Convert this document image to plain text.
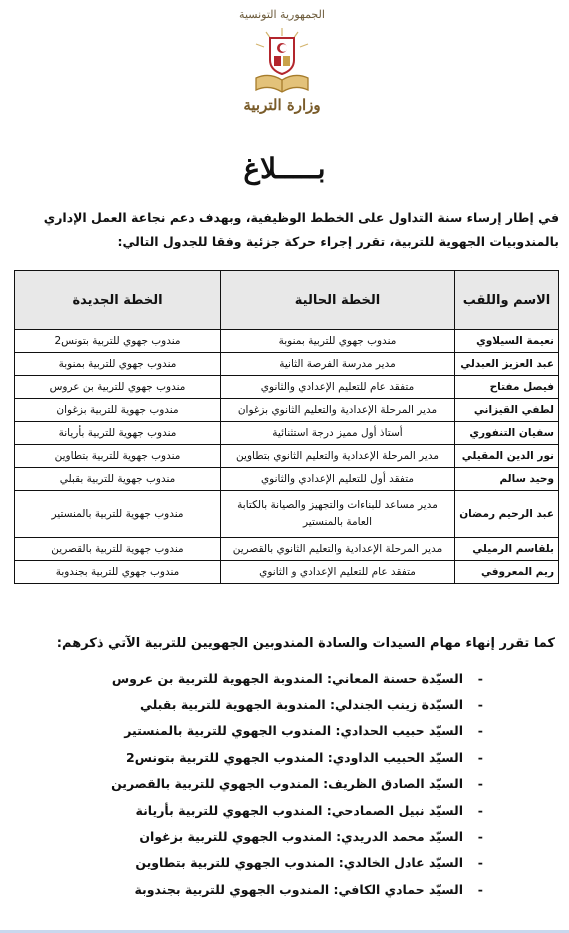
الجمهورية التونسية
وزارة التربية
بـــــلاغ
في إطار إرساء سنة التداول على الخطط الوظيفية، وبهدف دعم نجاعة العمل الإداري بالمندوبيات الجهوية للتربية، تقرر إجراء حركة جزئية وفقا للجدول التالي:
الاسم واللقب	الخطة الحالية	الخطة الجديدة
نعيمة السيلاوي	مندوب جهوي للتربية بمنوبة	مندوب جهوي للتربية بتونس2
عبد العزيز العبدلي	مدير مدرسة الفرصة الثانية	مندوب جهوي للتربية بمنوبة
فيصل مفتاح	متفقد عام للتعليم الإعدادي والثانوي	مندوب جهوي للتربية بن عروس
لطفي القيزاني	مدير المرحلة الإعدادية والتعليم الثانوي بزغوان	مندوب جهوية للتربية بزغوان
سفيان التنفوري	أستاذ أول مميز درجة استثنائية	مندوب جهوية للتربية بأريانة
نور الدين المقيلي	مدير المرحلة الإعدادية والتعليم الثانوي بتطاوين	مندوب جهوية للتربية بتطاوين
وحيد سالم	متفقد أول للتعليم الإعدادي والثانوي	مندوب جهوية للتربية بقبلي
عبد الرحيم رمضان	مدير مساعد للبناءات والتجهيز والصيانة بالكتابة العامة بالمنستير	مندوب جهوية للتربية بالمنستير
بلقاسم الرميلي	مدير المرحلة الإعدادية والتعليم الثانوي بالقصرين	مندوب جهوية للتربية بالقصرين
ريم المعروفي	متفقد عام للتعليم الإعدادي و الثانوي	مندوب جهوي للتربية بجندوبة
كما تقرر إنهاء مهام السيدات والسادة المندوبين الجهويين للتربية الآتي ذكرهم:
-
السيّدة حسنة المعاني: المندوبة الجهوية للتربية بن عروس
-
السيّدة زينب الجندلي: المندوبة الجهوية للتربية بقبلي
-
السيّد حبيب الحدادي: المندوب الجهوي للتربية بالمنستير
-
السيّد الحبيب الداودي: المندوب الجهوي للتربية بتونس2
-
السيّد الصادق الظريف: المندوب الجهوي للتربية بالقصرين
-
السيّد نبيل الصمادحي: المندوب الجهوي للتربية بأريانة
-
السيّد محمد الدريدي: المندوب الجهوي للتربية بزغوان
-
السيّد عادل الخالدي: المندوب الجهوي للتربية بتطاوين
-
السيّد حمادي الكافي: المندوب الجهوي للتربية بجندوبة
